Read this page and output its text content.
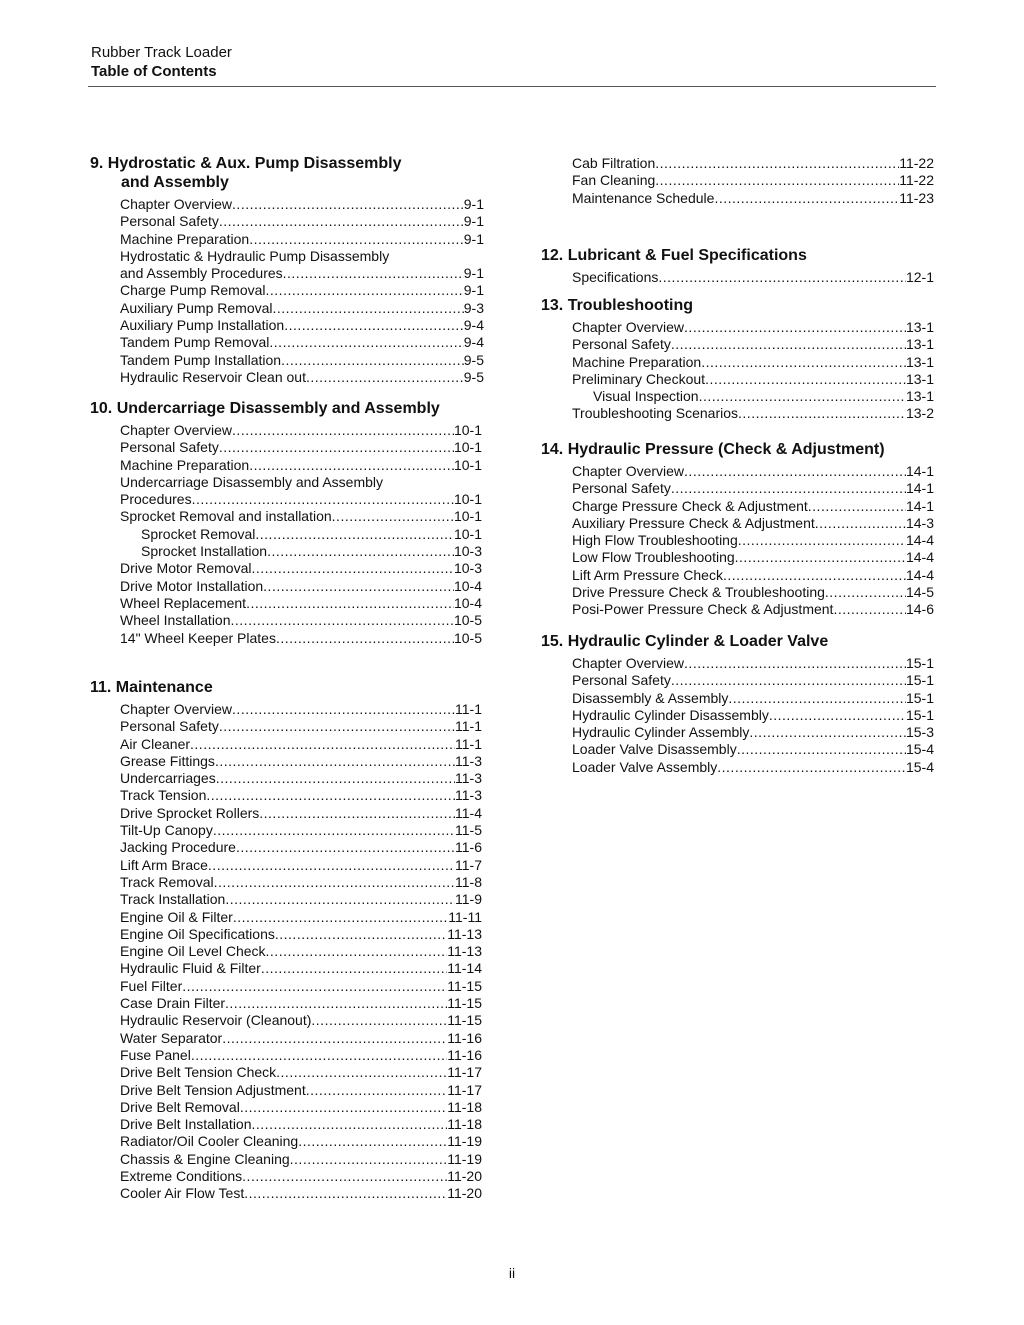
Rubber Track Loader
Table of Contents
9. Hydrostatic & Aux. Pump Disassembly
and Assembly
Chapter Overview .....	9-1
Personal Safety .....	9-1
Machine Preparation .....	9-1
Hydrostatic & Hydraulic Pump Disassembly
and Assembly Procedures .....	9-1
Charge Pump Removal .....	9-1
Auxiliary Pump Removal .....	9-3
Auxiliary Pump Installation .....	9-4
Tandem Pump Removal .....	9-4
Tandem Pump Installation .....	9-5
Hydraulic Reservoir Clean out .....	9-5
10. Undercarriage Disassembly and Assembly
Chapter Overview .....	10-1
Personal Safety .....	10-1
Machine Preparation .....	10-1
Undercarriage Disassembly and Assembly
Procedures .....	10-1
Sprocket Removal and installation .....	10-1
Sprocket Removal .....	10-1
Sprocket Installation .....	10-3
Drive Motor Removal .....	10-3
Drive Motor Installation .....	10-4
Wheel Replacement .....	10-4
Wheel Installation .....	10-5
14" Wheel Keeper Plates .....	10-5
11. Maintenance
Chapter Overview .....	11-1
Personal Safety .....	11-1
Air Cleaner .....	11-1
Grease Fittings .....	11-3
Undercarriages .....	11-3
Track Tension .....	11-3
Drive Sprocket Rollers .....	11-4
Tilt-Up Canopy .....	11-5
Jacking Procedure .....	11-6
Lift Arm Brace .....	11-7
Track Removal .....	11-8
Track Installation .....	11-9
Engine Oil & Filter .....	11-11
Engine Oil Specifications .....	11-13
Engine Oil Level Check .....	11-13
Hydraulic Fluid & Filter .....	11-14
Fuel Filter .....	11-15
Case Drain Filter .....	11-15
Hydraulic Reservoir (Cleanout) .....	11-15
Water Separator .....	11-16
Fuse Panel .....	11-16
Drive Belt Tension Check .....	11-17
Drive Belt Tension Adjustment .....	11-17
Drive Belt Removal .....	11-18
Drive Belt Installation .....	11-18
Radiator/Oil Cooler Cleaning .....	11-19
Chassis & Engine Cleaning .....	11-19
Extreme Conditions .....	11-20
Cooler Air Flow Test .....	11-20
Cab Filtration .....	11-22
Fan Cleaning .....	11-22
Maintenance Schedule .....	11-23
12. Lubricant & Fuel Specifications
Specifications .....	12-1
13. Troubleshooting
Chapter Overview .....	13-1
Personal Safety .....	13-1
Machine Preparation .....	13-1
Preliminary Checkout .....	13-1
Visual Inspection .....	13-1
Troubleshooting Scenarios .....	13-2
14. Hydraulic Pressure (Check & Adjustment)
Chapter Overview .....	14-1
Personal Safety .....	14-1
Charge Pressure Check & Adjustment .....	14-1
Auxiliary Pressure Check & Adjustment .....	14-3
High Flow Troubleshooting .....	14-4
Low Flow Troubleshooting .....	14-4
Lift Arm Pressure Check .....	14-4
Drive Pressure Check & Troubleshooting .....	14-5
Posi-Power Pressure Check & Adjustment .....	14-6
15. Hydraulic Cylinder & Loader Valve
Chapter Overview .....	15-1
Personal Safety .....	15-1
Disassembly & Assembly .....	15-1
Hydraulic Cylinder Disassembly .....	15-1
Hydraulic Cylinder Assembly .....	15-3
Loader Valve Disassembly .....	15-4
Loader Valve Assembly .....	15-4
ii
